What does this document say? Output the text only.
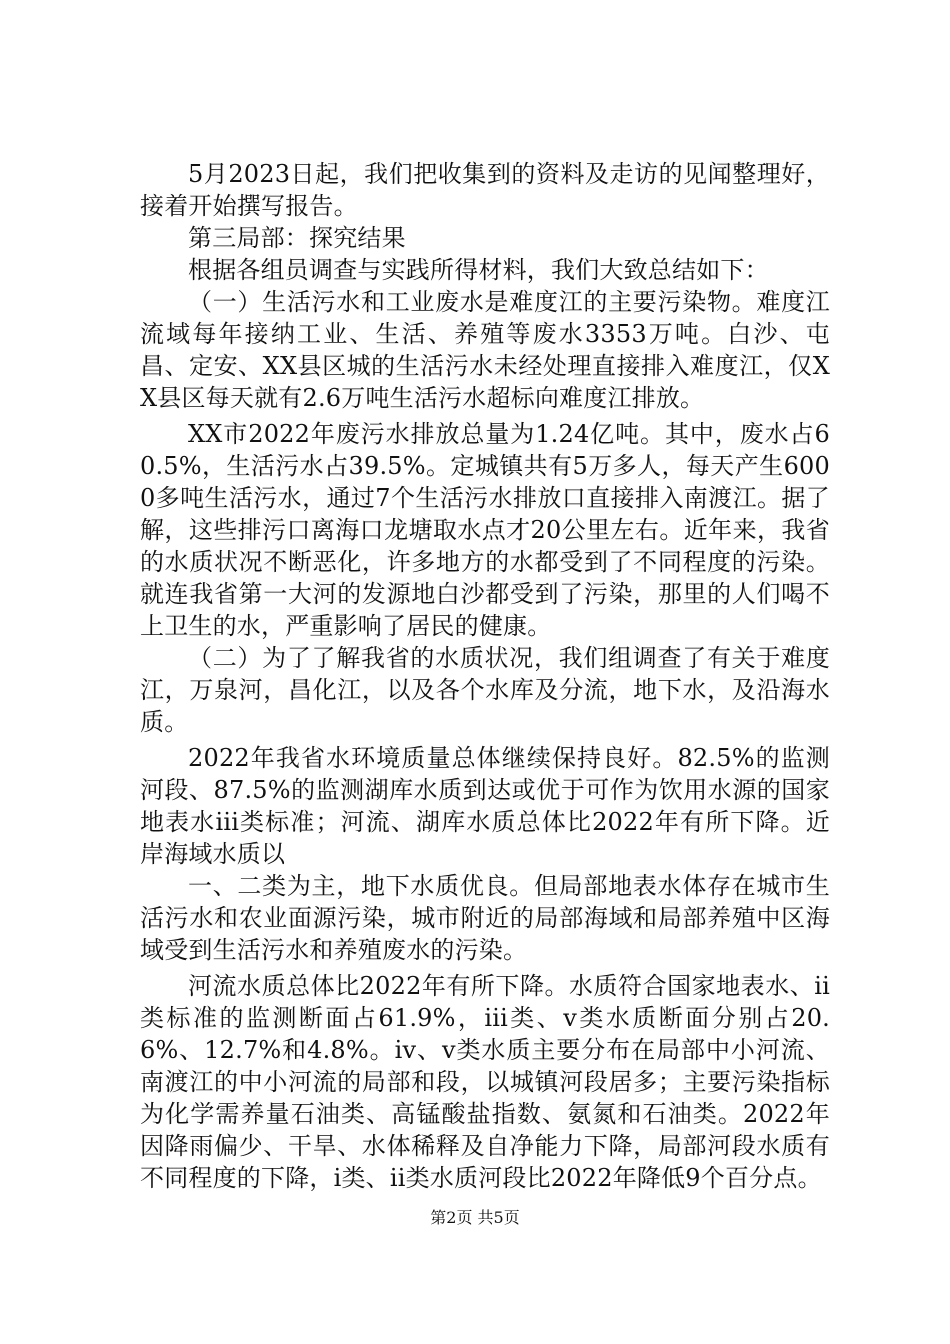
5月2023日起，我们把收集到的资料及走访的见闻整理好，接着开始撰写报告。

第三局部：探究结果

根据各组员调查与实践所得材料，我们大致总结如下：

（一）生活污水和工业废水是难度江的主要污染物。难度江流域每年接纳工业、生活、养殖等废水3353万吨。白沙、屯昌、定安、XX县区城的生活污水未经处理直接排入难度江，仅XX县区每天就有2.6万吨生活污水超标向难度江排放。

XX市2022年废污水排放总量为1.24亿吨。其中，废水占60.5%，生活污水占39.5%。定城镇共有5万多人，每天产生6000多吨生活污水，通过7个生活污水排放口直接排入南渡江。据了解，这些排污口离海口龙塘取水点才20公里左右。近年来，我省的水质状况不断恶化，许多地方的水都受到了不同程度的污染。就连我省第一大河的发源地白沙都受到了污染，那里的人们喝不上卫生的水，严重影响了居民的健康。

（二）为了了解我省的水质状况，我们组调查了有关于难度江，万泉河，昌化江，以及各个水库及分流，地下水，及沿海水质。

2022年我省水环境质量总体继续保持良好。82.5%的监测河段、87.5%的监测湖库水质到达或优于可作为饮用水源的国家地表水iii类标准；河流、湖库水质总体比2022年有所下降。近岸海域水质以

一、二类为主，地下水质优良。但局部地表水体存在城市生活污水和农业面源污染，城市附近的局部海域和局部养殖中区海域受到生活污水和养殖废水的污染。

河流水质总体比2022年有所下降。水质符合国家地表水、ii类标准的监测断面占61.9%，iii类、v类水质断面分别占20.6%、12.7%和4.8%。iv、v类水质主要分布在局部中小河流、南渡江的中小河流的局部和段，以城镇河段居多；主要污染指标为化学需养量石油类、高锰酸盐指数、氨氮和石油类。2022年因降雨偏少、干旱、水体稀释及自净能力下降，局部河段水质有不同程度的下降，i类、ii类水质河段比2022年降低9个百分点。

第2页 共5页
